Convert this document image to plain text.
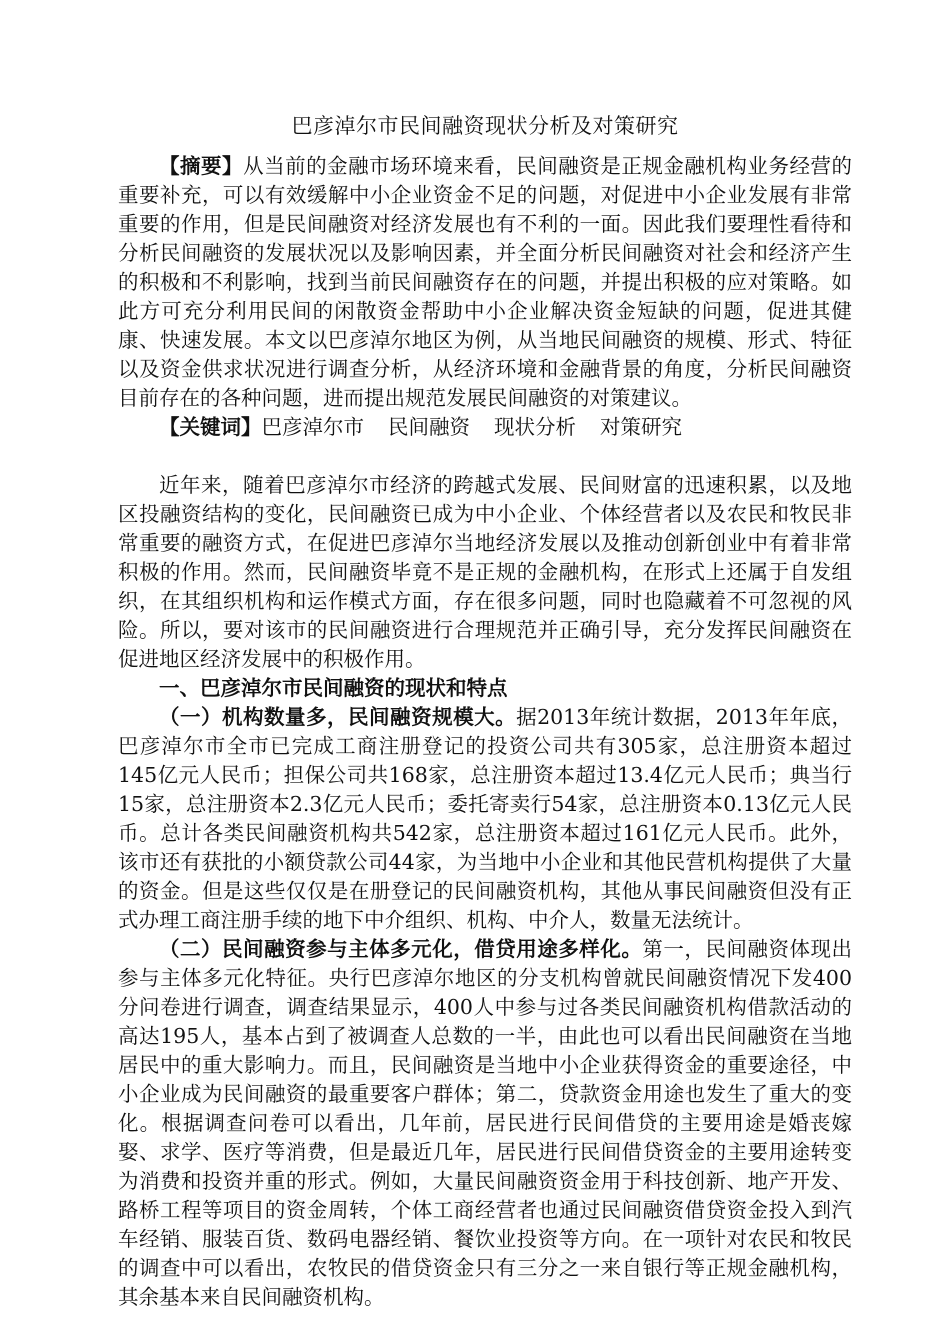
巴彦淖尔市民间融资现状分析及对策研究

【摘要】从当前的金融市场环境来看，民间融资是正规金融机构业务经营的重要补充，可以有效缓解中小企业资金不足的问题，对促进中小企业发展有非常重要的作用，但是民间融资对经济发展也有不利的一面。因此我们要理性看待和分析民间融资的发展状况以及影响因素，并全面分析民间融资对社会和经济产生的积极和不利影响，找到当前民间融资存在的问题，并提出积极的应对策略。如此方可充分利用民间的闲散资金帮助中小企业解决资金短缺的问题，促进其健康、快速发展。本文以巴彦淖尔地区为例，从当地民间融资的规模、形式、特征以及资金供求状况进行调查分析，从经济环境和金融背景的角度，分析民间融资目前存在的各种问题，进而提出规范发展民间融资的对策建议。

【关键词】巴彦淖尔市 民间融资 现状分析 对策研究

近年来，随着巴彦淖尔市经济的跨越式发展、民间财富的迅速积累，以及地区投融资结构的变化，民间融资已成为中小企业、个体经营者以及农民和牧民非常重要的融资方式，在促进巴彦淖尔当地经济发展以及推动创新创业中有着非常积极的作用。然而，民间融资毕竟不是正规的金融机构，在形式上还属于自发组织，在其组织机构和运作模式方面，存在很多问题，同时也隐藏着不可忽视的风险。所以，要对该市的民间融资进行合理规范并正确引导，充分发挥民间融资在促进地区经济发展中的积极作用。

一、巴彦淖尔市民间融资的现状和特点

（一）机构数量多，民间融资规模大。据2013年统计数据，2013年年底，巴彦淖尔市全市已完成工商注册登记的投资公司共有305家，总注册资本超过145亿元人民币；担保公司共168家，总注册资本超过13.4亿元人民币；典当行15家，总注册资本2.3亿元人民币；委托寄卖行54家，总注册资本0.13亿元人民币。总计各类民间融资机构共542家，总注册资本超过161亿元人民币。此外，该市还有获批的小额贷款公司44家，为当地中小企业和其他民营机构提供了大量的资金。但是这些仅仅是在册登记的民间融资机构，其他从事民间融资但没有正式办理工商注册手续的地下中介组织、机构、中介人，数量无法统计。

（二）民间融资参与主体多元化，借贷用途多样化。第一，民间融资体现出参与主体多元化特征。央行巴彦淖尔地区的分支机构曾就民间融资情况下发400分问卷进行调查，调查结果显示，400人中参与过各类民间融资机构借款活动的高达195人，基本占到了被调查人总数的一半，由此也可以看出民间融资在当地居民中的重大影响力。而且，民间融资是当地中小企业获得资金的重要途径，中小企业成为民间融资的最重要客户群体；第二，贷款资金用途也发生了重大的变化。根据调查问卷可以看出，几年前，居民进行民间借贷的主要用途是婚丧嫁娶、求学、医疗等消费，但是最近几年，居民进行民间借贷资金的主要用途转变为消费和投资并重的形式。例如，大量民间融资资金用于科技创新、地产开发、路桥工程等项目的资金周转，个体工商经营者也通过民间融资借贷资金投入到汽车经销、服装百货、数码电器经销、餐饮业投资等方向。在一项针对农民和牧民的调查中可以看出，农牧民的借贷资金只有三分之一来自银行等正规金融机构，其余基本来自民间融资机构。
